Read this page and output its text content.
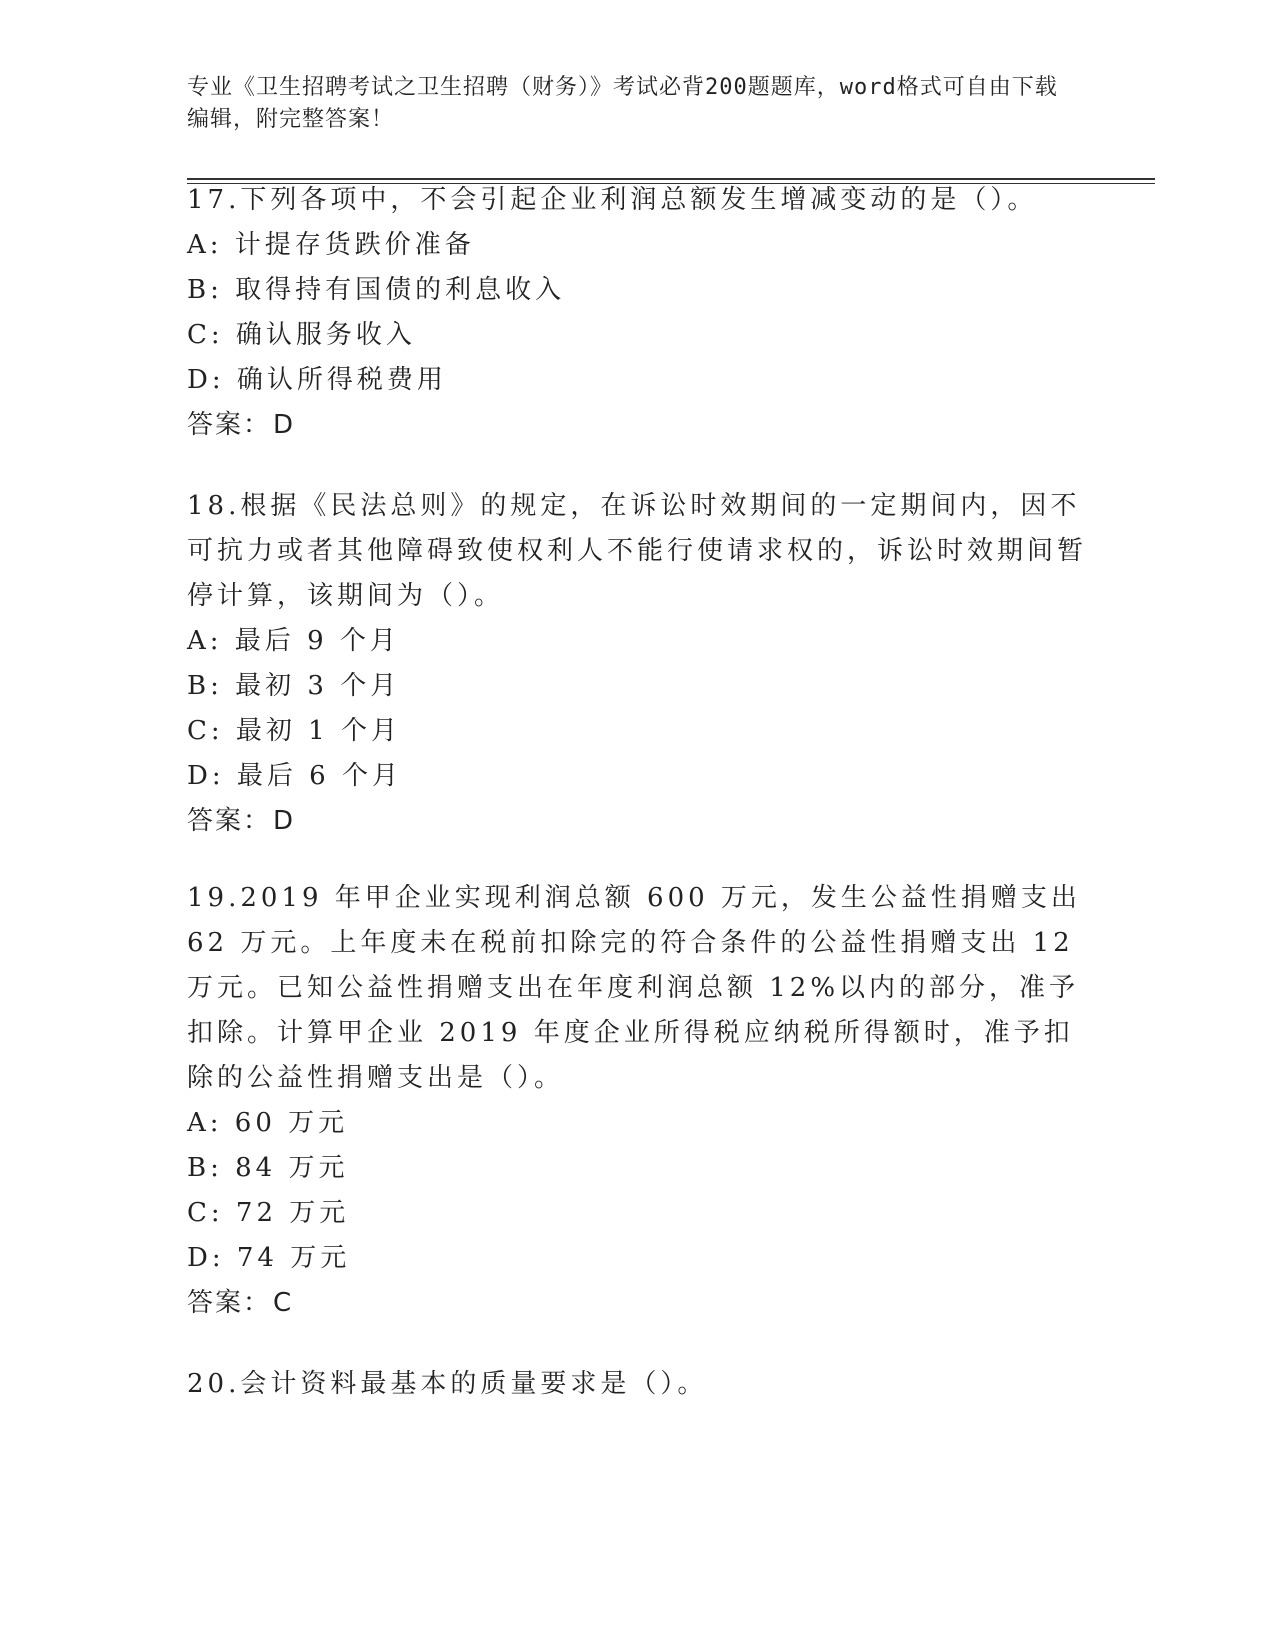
专业《卫生招聘考试之卫生招聘（财务）》考试必背200题题库，word格式可自由下载编辑，附完整答案！

17.下列各项中，不会引起企业利润总额发生增减变动的是（）。

A: 计提存货跌价准备

B: 取得持有国债的利息收入

C: 确认服务收入

D: 确认所得税费用

答案：D

18.根据《民法总则》的规定，在诉讼时效期间的一定期间内，因不可抗力或者其他障碍致使权利人不能行使请求权的，诉讼时效期间暂停计算，该期间为（）。

A: 最后 9 个月

B: 最初 3 个月

C: 最初 1 个月

D: 最后 6 个月

答案：D

19.2019 年甲企业实现利润总额 600 万元，发生公益性捐赠支出 62 万元。上年度未在税前扣除完的符合条件的公益性捐赠支出 12 万元。已知公益性捐赠支出在年度利润总额 12%以内的部分，准予扣除。计算甲企业 2019 年度企业所得税应纳税所得额时，准予扣除的公益性捐赠支出是（）。

A: 60 万元

B: 84 万元

C: 72 万元

D: 74 万元

答案：C

20.会计资料最基本的质量要求是（）。
